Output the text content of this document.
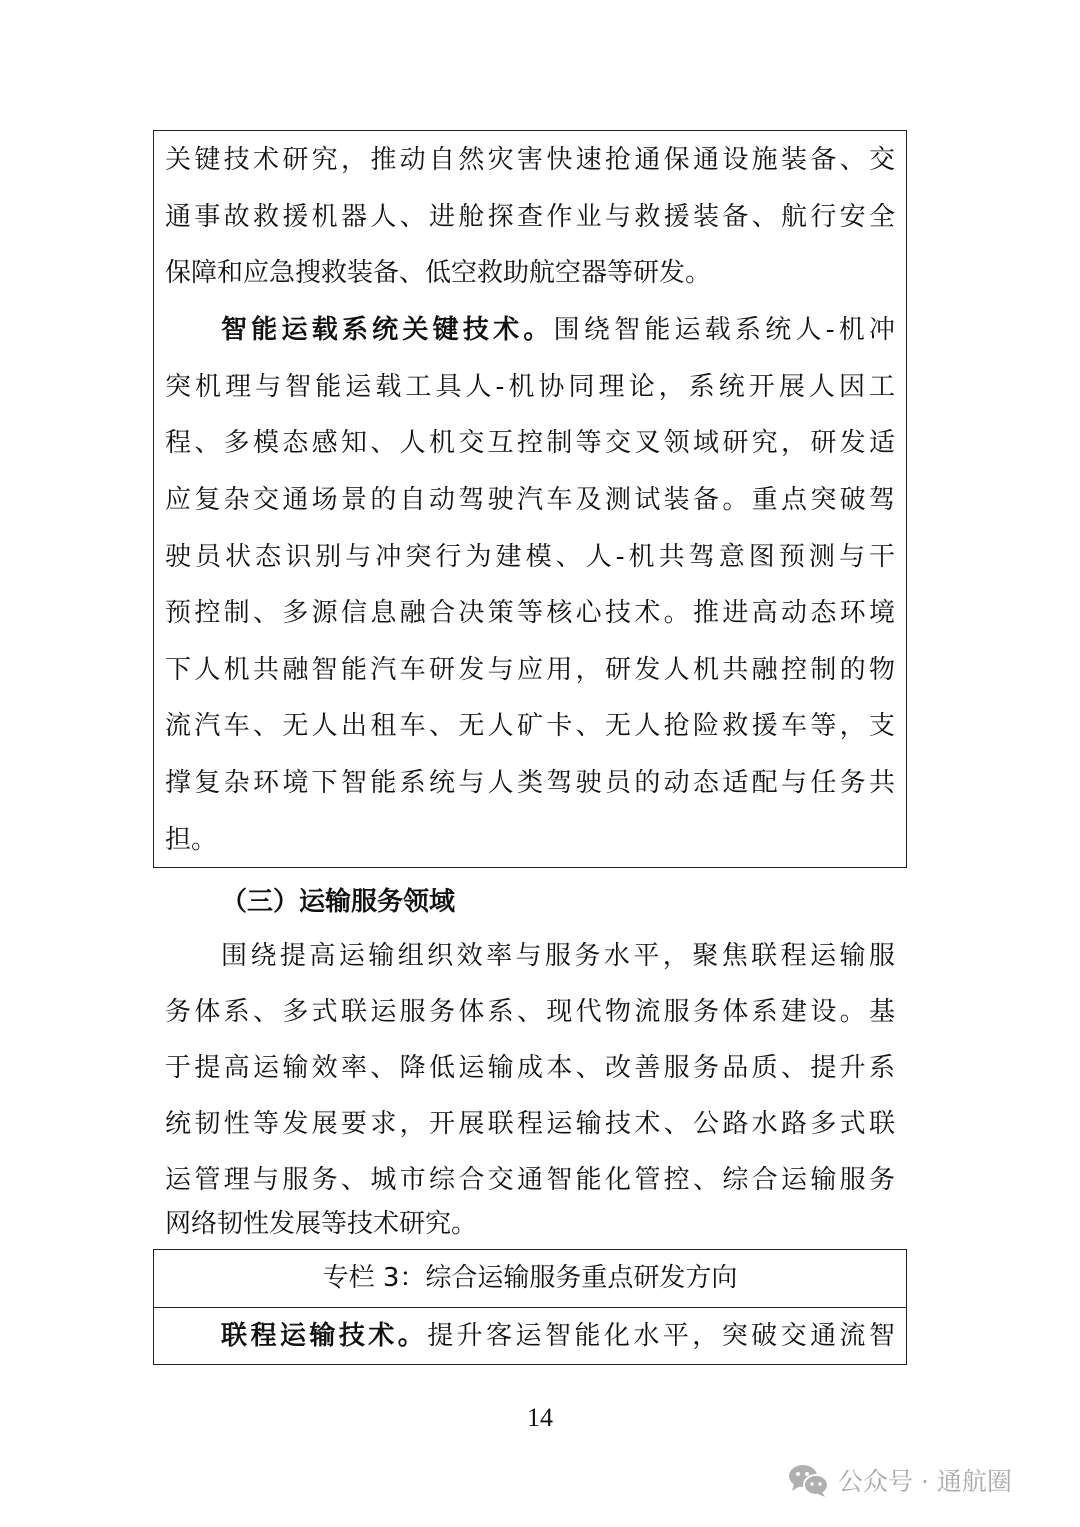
关键技术研究，推动自然灾害快速抢通保通设施装备、交
通事故救援机器人、进舱探查作业与救援装备、航行安全
保障和应急搜救装备、低空救助航空器等研发。
智能运载系统关键技术。围绕智能运载系统人-机冲
突机理与智能运载工具人-机协同理论，系统开展人因工
程、多模态感知、人机交互控制等交叉领域研究，研发适
应复杂交通场景的自动驾驶汽车及测试装备。重点突破驾
驶员状态识别与冲突行为建模、人-机共驾意图预测与干
预控制、多源信息融合决策等核心技术。推进高动态环境
下人机共融智能汽车研发与应用，研发人机共融控制的物
流汽车、无人出租车、无人矿卡、无人抢险救援车等，支
撑复杂环境下智能系统与人类驾驶员的动态适配与任务共
担。
（三）运输服务领域
围绕提高运输组织效率与服务水平，聚焦联程运输服
务体系、多式联运服务体系、现代物流服务体系建设。基
于提高运输效率、降低运输成本、改善服务品质、提升系
统韧性等发展要求，开展联程运输技术、公路水路多式联
运管理与服务、城市综合交通智能化管控、综合运输服务
网络韧性发展等技术研究。
专栏 3：综合运输服务重点研发方向
联程运输技术。提升客运智能化水平，突破交通流智
14
公众号 · 通航圈
